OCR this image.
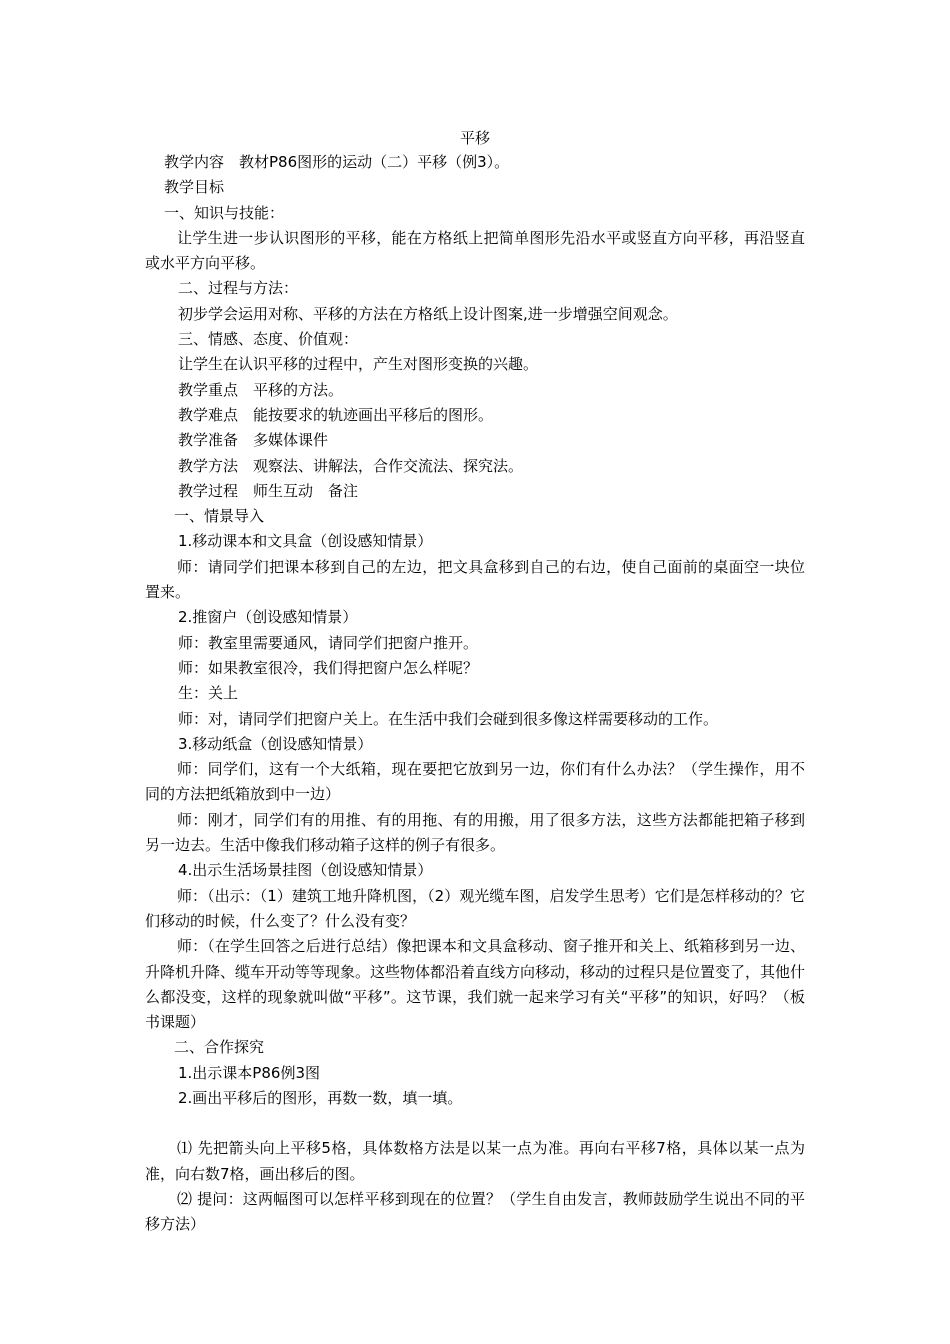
平移

教学内容　教材P86图形的运动（二）平移（例3）。

教学目标

一、知识与技能：

让学生进一步认识图形的平移，能在方格纸上把简单图形先沿水平或竖直方向平移，再沿竖直或水平方向平移。

二、过程与方法：

初步学会运用对称、平移的方法在方格纸上设计图案,进一步增强空间观念。

三、情感、态度、价值观：

让学生在认识平移的过程中，产生对图形变换的兴趣。

教学重点　平移的方法。

教学难点　能按要求的轨迹画出平移后的图形。

教学准备　多媒体课件

教学方法　观察法、讲解法，合作交流法、探究法。

教学过程　师生互动　备注

一、情景导入

1.移动课本和文具盒（创设感知情景）

师：请同学们把课本移到自己的左边，把文具盒移到自己的右边，使自己面前的桌面空一块位置来。

2.推窗户（创设感知情景）

师：教室里需要通风，请同学们把窗户推开。

师：如果教室很冷，我们得把窗户怎么样呢？

生：关上

师：对，请同学们把窗户关上。在生活中我们会碰到很多像这样需要移动的工作。

3.移动纸盒（创设感知情景）

师：同学们，这有一个大纸箱，现在要把它放到另一边，你们有什么办法？（学生操作，用不同的方法把纸箱放到中一边）

师：刚才，同学们有的用推、有的用拖、有的用搬，用了很多方法，这些方法都能把箱子移到另一边去。生活中像我们移动箱子这样的例子有很多。

4.出示生活场景挂图（创设感知情景）

师：（出示：（1）建筑工地升降机图，（2）观光缆车图，启发学生思考）它们是怎样移动的？它们移动的时候，什么变了？什么没有变？

师：（在学生回答之后进行总结）像把课本和文具盒移动、窗子推开和关上、纸箱移到另一边、升降机升降、缆车开动等等现象。这些物体都沿着直线方向移动，移动的过程只是位置变了，其他什么都没变，这样的现象就叫做“平移”。这节课，我们就一起来学习有关“平移”的知识，好吗？（板书课题）

二、合作探究

1.出示课本P86例3图

2.画出平移后的图形，再数一数，填一填。

⑴ 先把箭头向上平移5格，具体数格方法是以某一点为准。再向右平移7格，具体以某一点为准，向右数7格，画出移后的图。

⑵ 提问：这两幅图可以怎样平移到现在的位置？（学生自由发言，教师鼓励学生说出不同的平移方法）
